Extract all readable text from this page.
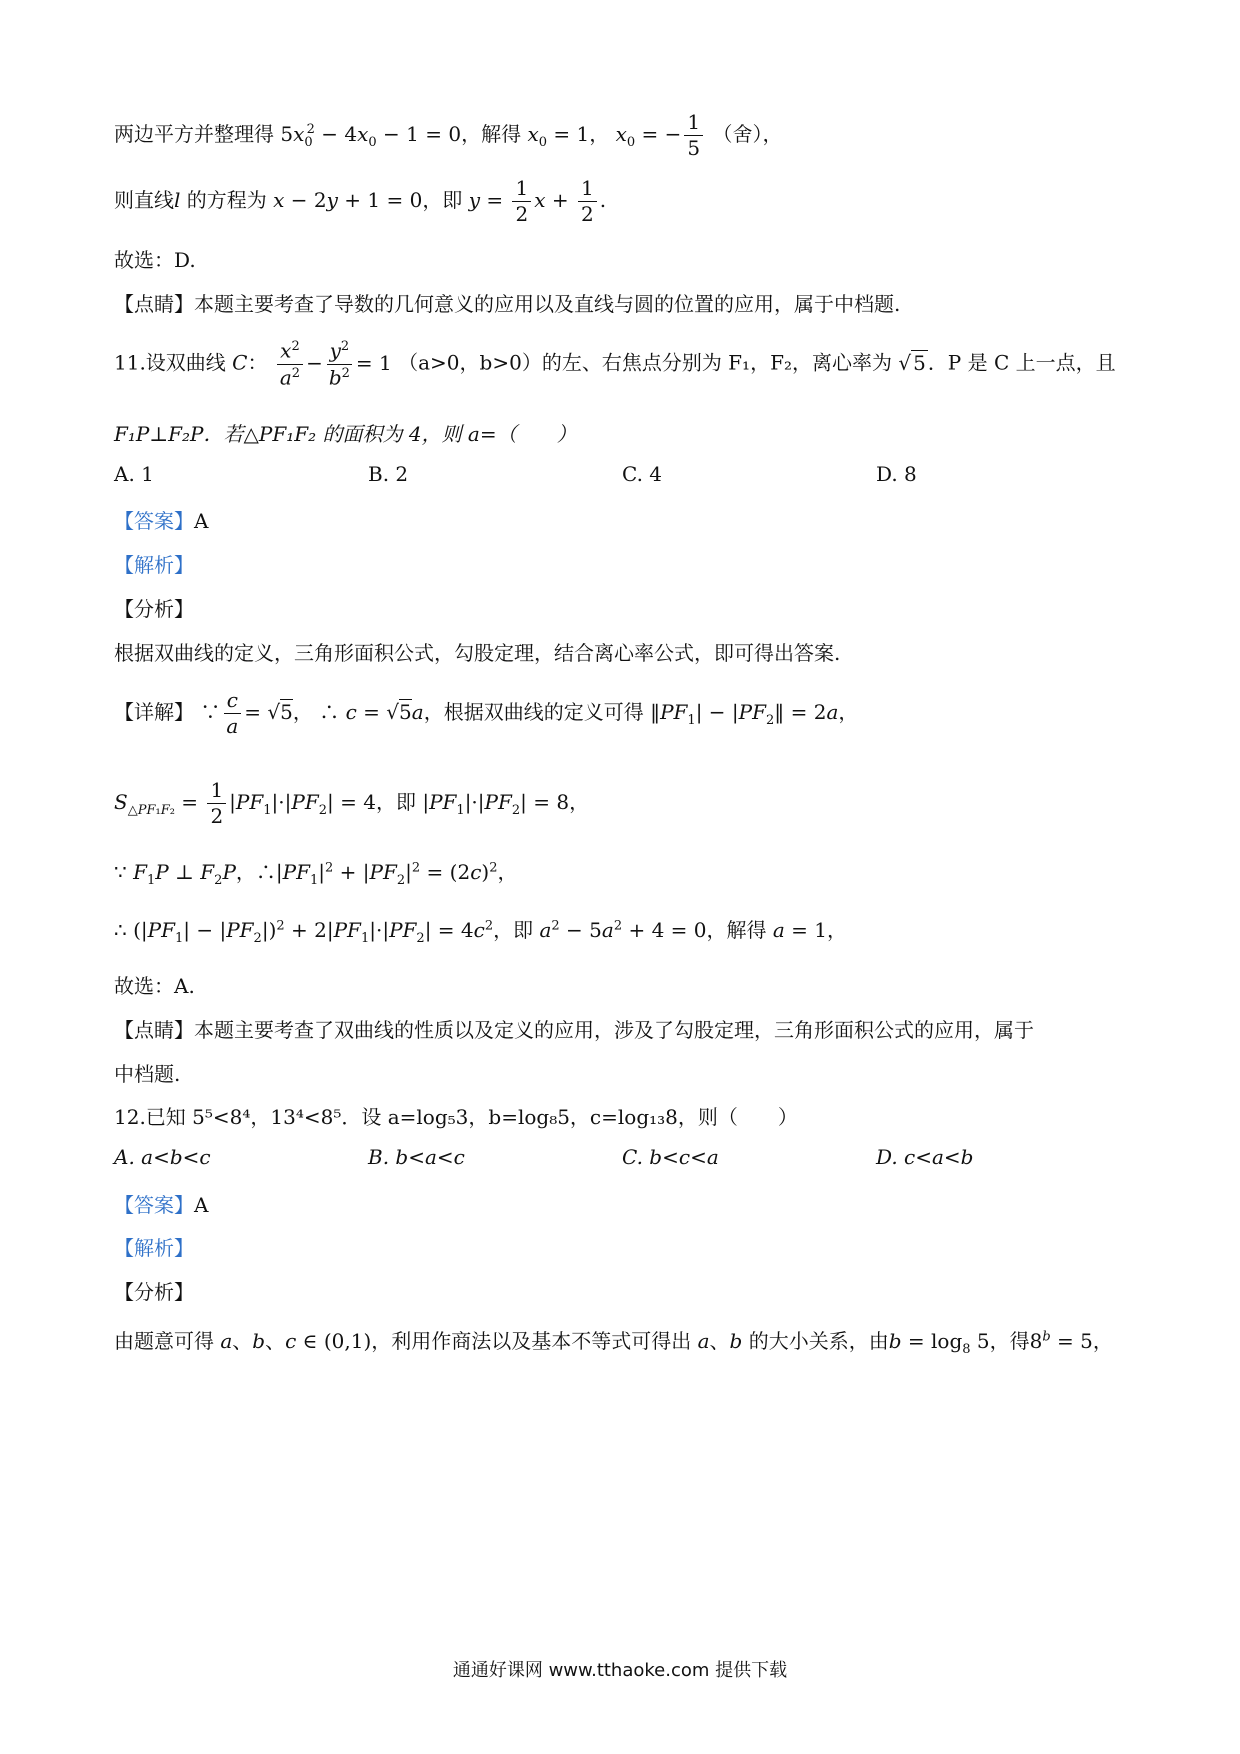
两边平方并整理得 $5x_0^2 - 4x_0 - 1 = 0$，解得 $x_0 = 1$， $x_0$ = − $\frac{1}{5}$ （舍），
则直线l 的方程为 x − 2y + 1 = 0，即 $y = \frac{1}{2}$ $x + \frac{1}{2}$ .
故选：D.
【点睛】本题主要考查了导数的几何意义的应用以及直线与圆的位置的应用，属于中档题.
11.设双曲线 C： $\frac{x^2}{a^2} - \frac{y^2}{b^2} = 1$ （a>0，b>0）的左、右焦点分别为 F₁，F₂，离心率为 √ 5 ．P 是 C 上一点，且
F₁P⊥F₂P．若△PF₁F₂ 的面积为 4，则 a=（　　）
A. 1	B. 2	C. 4	D. 8
【答案】A
【解析】
【分析】
根据双曲线的定义，三角形面积公式，勾股定理，结合离心率公式，即可得出答案.
【详解】 ∵ $\frac{c}{a} = √5$， ∴ c = √5a，根据双曲线的定义可得 $‖PF_1|$ − $|PF_2‖ = 2a$，
$S_{\triangle PF_1F_2} = \frac{1}{2} |PF_1|\cdot|PF_2| = 4$，即 $|PF_1|\cdot|PF_2| = 8$，
∵ $F_1P$ ⊥ $F_2P$，$\therefore|PF_1|^2 + |PF_2|^2 = (2c)^2$，
∴ $(|PF_1| - |PF_2|)^2 + 2|PF_1|\cdot|PF_2| = 4c^2$，即 $a^2 - 5a^2 + 4 = 0$，解得 a = 1，
故选：A.
【点睛】本题主要考查了双曲线的性质以及定义的应用，涉及了勾股定理，三角形面积公式的应用，属于
中档题.
12.已知 5⁵<8⁴，13⁴<8⁵．设 a=log₅3，b=log₈5，c=log₁₃8，则（　　）
A. a<b<c	B. b<a<c	C. b<c<a	D. c<a<b
【答案】A
【解析】
【分析】
由题意可得 a、b、c ∈ (0,1)，利用作商法以及基本不等式可得出 a、b 的大小关系，由$b = \log_8 5$，得$8^b = 5$，
通通好课网 www.tthaoke.com 提供下载
